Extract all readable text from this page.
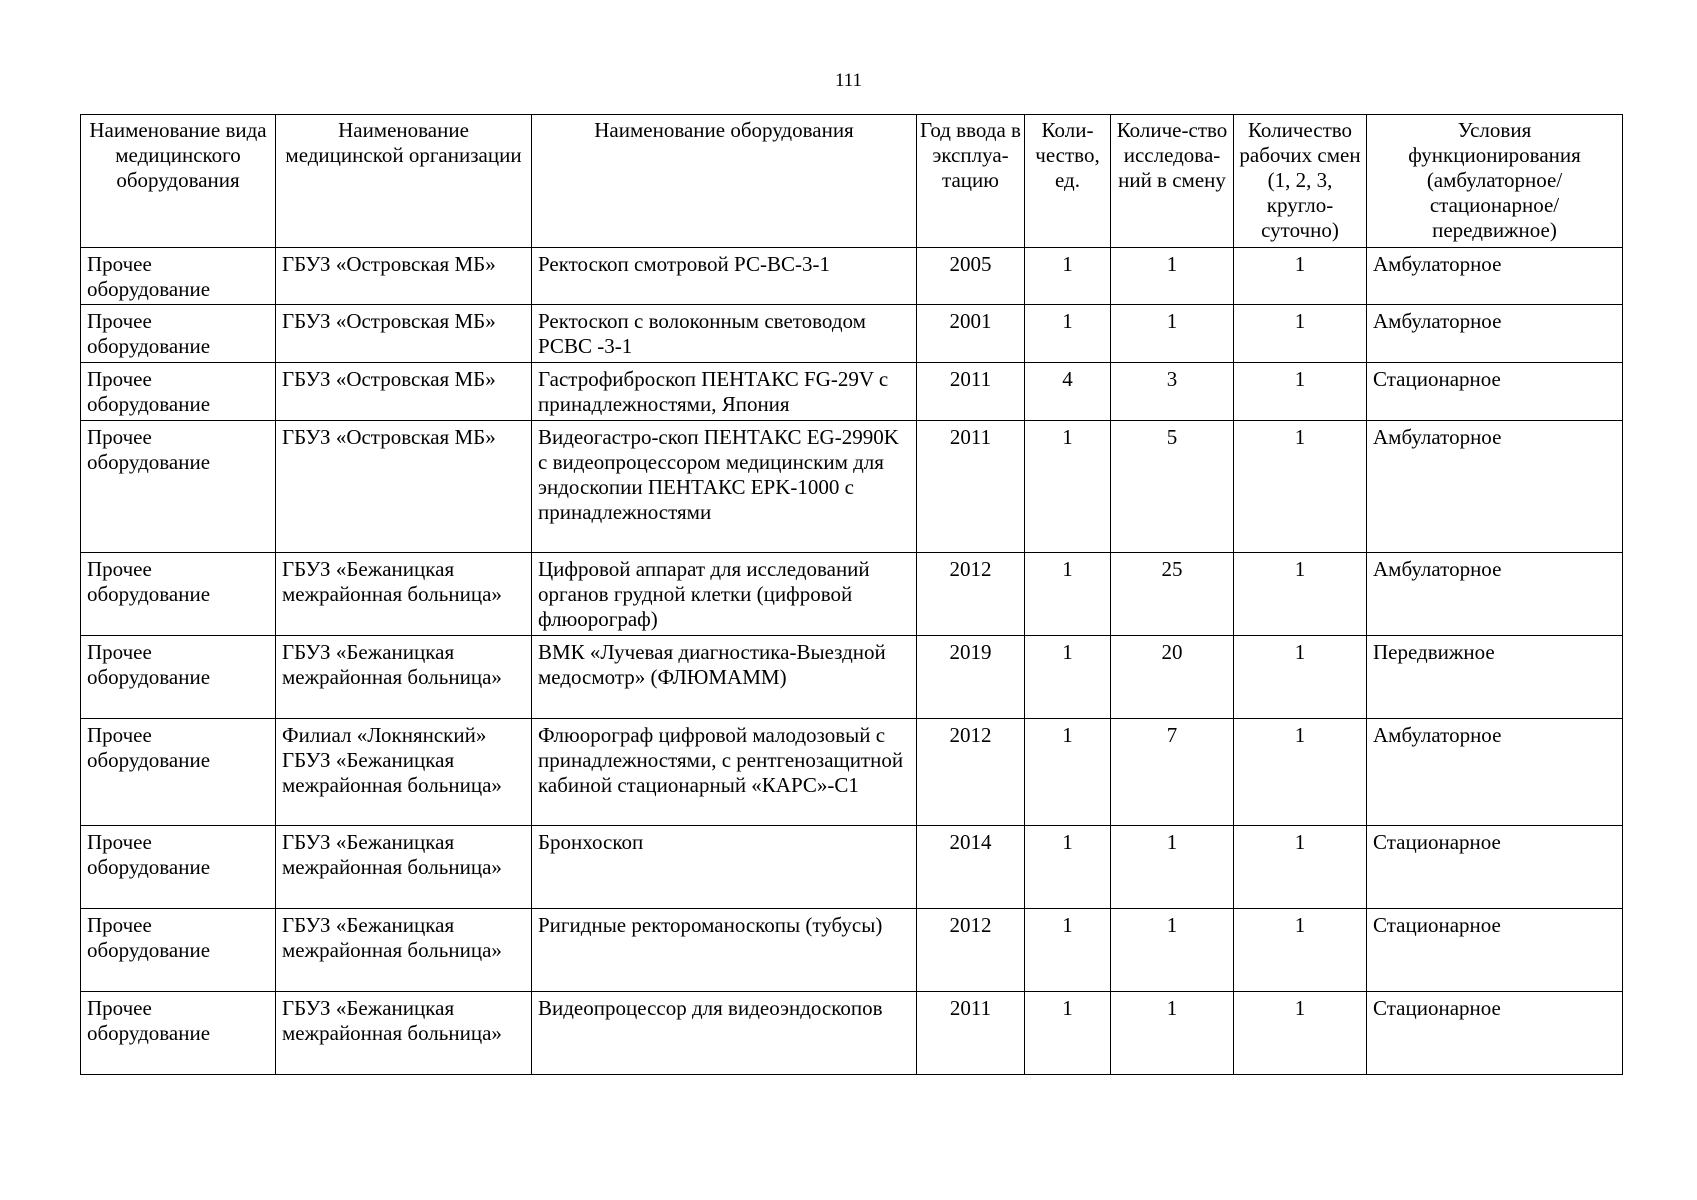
111
Наименование вида медицинского оборудования	Наименование медицинской организации	Наименование оборудования	Год ввода в эксплуа-тацию	Коли-чество, ед.	Количе-ство исследова-ний в смену	Количество рабочих смен (1, 2, 3, кругло-суточно)	Условия функционирования (амбулаторное/ стационарное/ передвижное)
Прочее оборудование	ГБУЗ «Островская МБ»	Ректоскоп смотровой РС-ВС-3-1	2005	1	1	1	Амбулаторное
Прочее оборудование	ГБУЗ «Островская МБ»	Ректоскоп с волоконным световодом РСВС -3-1	2001	1	1	1	Амбулаторное
Прочее оборудование	ГБУЗ «Островская МБ»	Гастрофиброскоп ПЕНТАКС FG-29V с принадлежностями, Япония	2011	4	3	1	Стационарное
Прочее оборудование	ГБУЗ «Островская МБ»	Видеогастро-скоп ПЕНТАКС EG-2990K с видеопроцессором медицинским для эндоскопии ПЕНТАКС EPK-1000 с принадлежностями	2011	1	5	1	Амбулаторное
Прочее оборудование	ГБУЗ «Бежаницкая межрайонная больница»	Цифровой аппарат для исследований органов грудной клетки (цифровой флюорограф)	2012	1	25	1	Амбулаторное
Прочее оборудование	ГБУЗ «Бежаницкая межрайонная больница»	ВМК «Лучевая диагностика-Выездной медосмотр» (ФЛЮМАММ)	2019	1	20	1	Передвижное
Прочее оборудование	Филиал «Локнянский» ГБУЗ «Бежаницкая межрайонная больница»	Флюорограф цифровой малодозовый с принадлежностями, с рентгенозащитной кабиной стационарный «КАРС»-С1	2012	1	7	1	Амбулаторное
Прочее оборудование	ГБУЗ «Бежаницкая межрайонная больница»	Бронхоскоп	2014	1	1	1	Стационарное
Прочее оборудование	ГБУЗ «Бежаницкая межрайонная больница»	Ригидные ректороманоскопы (тубусы)	2012	1	1	1	Стационарное
Прочее оборудование	ГБУЗ «Бежаницкая межрайонная больница»	Видеопроцессор для видеоэндоскопов	2011	1	1	1	Стационарное
